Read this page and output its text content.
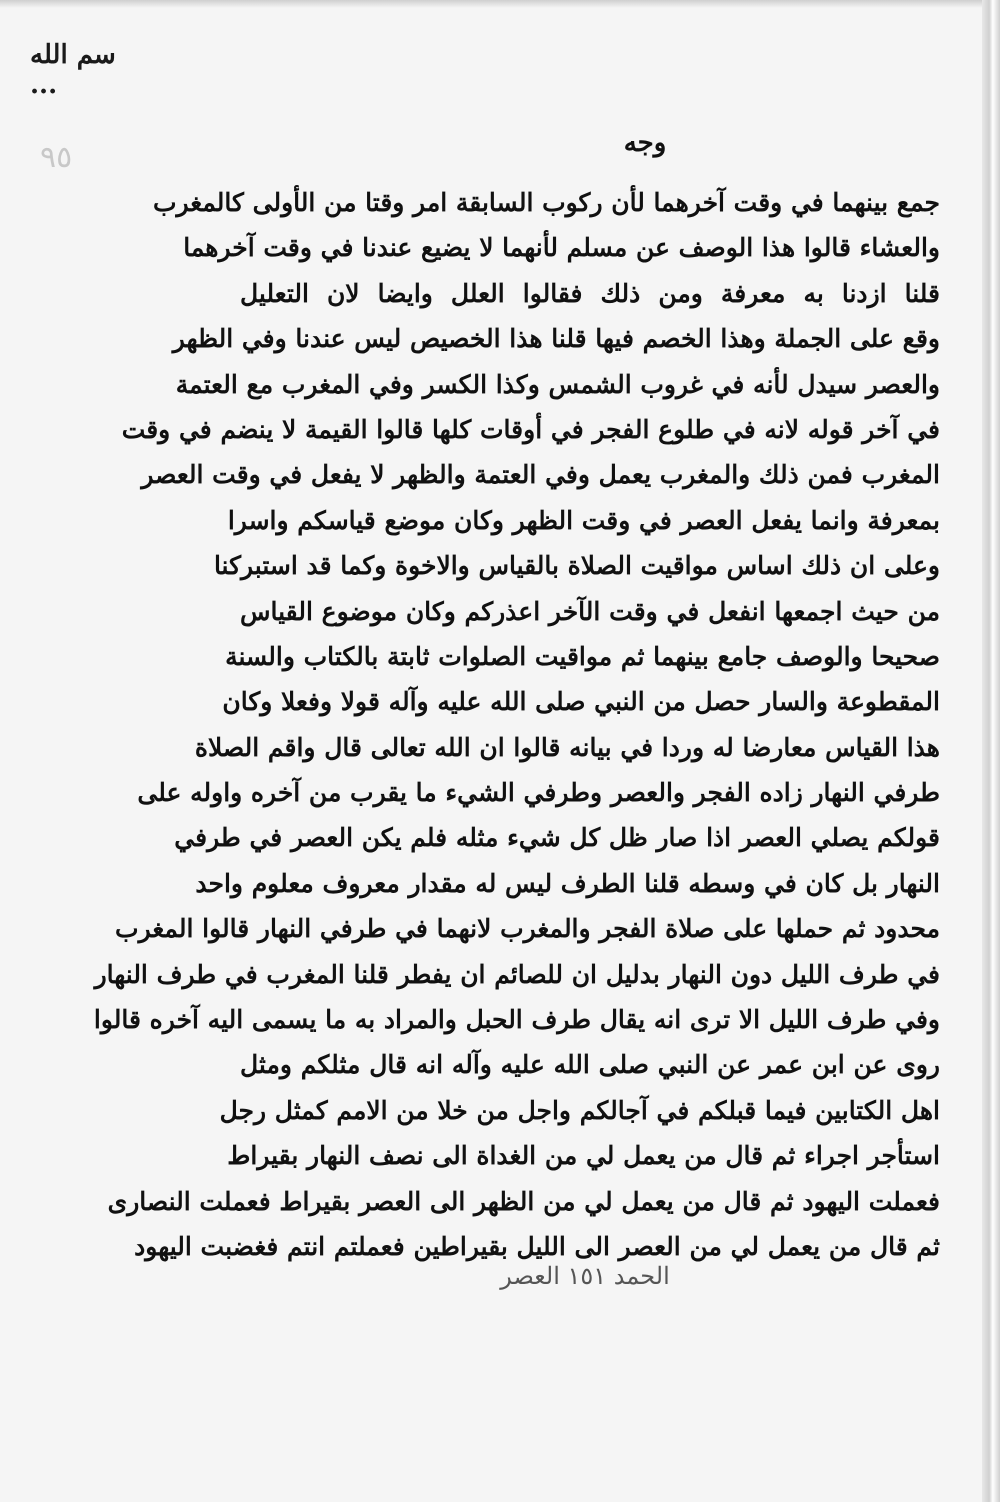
سم الله ...
٩٥	وجه
جمع بينهما في وقت آخرهما لأن ركوب السابقة امر وقتا من الأولى كالمغرب
والعشاء قالوا هذا الوصف عن مسلم لأنهما لا يضيع عندنا في وقت آخرهما
قلنا ازدنا به معرفة ومن ذلك فقالوا العلل وايضا لان التعليل
وقع على الجملة وهذا الخصم فيها قلنا هذا الخصيص ليس عندنا وفي الظهر
والعصر سيدل لأنه في غروب الشمس وكذا الكسر وفي المغرب مع العتمة
في آخر قوله لانه في طلوع الفجر في أوقات كلها قالوا القيمة لا ينضم في وقت
المغرب فمن ذلك والمغرب يعمل وفي العتمة والظهر لا يفعل في وقت العصر
بمعرفة وانما يفعل العصر في وقت الظهر وكان موضع قياسكم واسرا
وعلى ان ذلك اساس مواقيت الصلاة بالقياس والاخوة وكما قد استبركنا
من حيث اجمعها انفعل في وقت الآخر اعذركم وكان موضوع القياس
صحيحا والوصف جامع بينهما ثم مواقيت الصلوات ثابتة بالكتاب والسنة
المقطوعة والسار حصل من النبي صلى الله عليه وآله قولا وفعلا وكان
هذا القياس معارضا له وردا في بيانه قالوا ان الله تعالى قال واقم الصلاة
طرفي النهار زاده الفجر والعصر وطرفي الشيء ما يقرب من آخره واوله على
قولكم يصلي العصر اذا صار ظل كل شيء مثله فلم يكن العصر في طرفي
النهار بل كان في وسطه قلنا الطرف ليس له مقدار معروف معلوم واحد
محدود ثم حملها على صلاة الفجر والمغرب لانهما في طرفي النهار قالوا المغرب
في طرف الليل دون النهار بدليل ان للصائم ان يفطر قلنا المغرب في طرف النهار
وفي طرف الليل الا ترى انه يقال طرف الحبل والمراد به ما يسمى اليه آخره قالوا
روى عن ابن عمر عن النبي صلى الله عليه وآله انه قال مثلكم ومثل
اهل الكتابين فيما قبلكم في آجالكم واجل من خلا من الامم كمثل رجل
استأجر اجراء ثم قال من يعمل لي من الغداة الى نصف النهار بقيراط
فعملت اليهود ثم قال من يعمل لي من الظهر الى العصر بقيراط فعملت النصارى
ثم قال من يعمل لي من العصر الى الليل بقيراطين فعملتم انتم فغضبت اليهود
الحمد ١٥١ العصر
